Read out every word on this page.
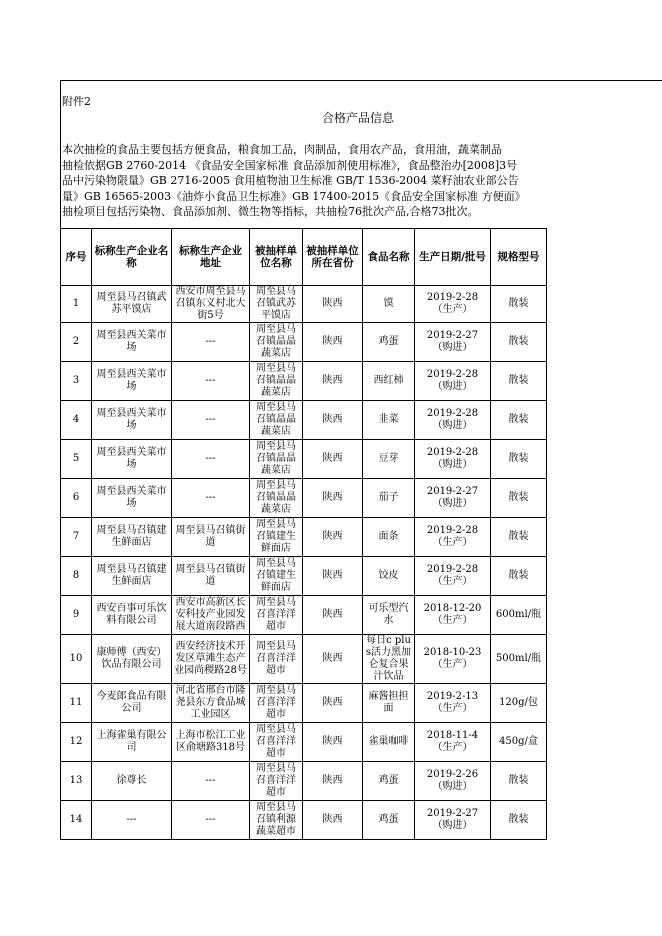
附件2
合格产品信息
本次抽检的食品主要包括方便食品，粮食加工品，肉制品，食用农产品，食用油，蔬菜制品
抽检依据GB 2760-2014 《食品安全国家标准 食品添加剂使用标准》，食品整治办[2008]3号
品中污染物限量》GB 2716-2005 食用植物油卫生标准 GB/T 1536-2004 菜籽油农业部公告
量》GB 16565-2003《油炸小食品卫生标准》GB 17400-2015《食品安全国家标准 方便面》
抽检项目包括污染物、食品添加剂、微生物等指标，共抽检76批次产品,合格73批次。
序号	标称生产企业名称	标称生产企业地址	被抽样单位名称	被抽样单位所在省份	食品名称	生产日期/批号	规格型号
1	周至县马召镇武苏平馍店	西安市周至县马召镇东义村北大街5号	周至县马召镇武苏平馍店	陕西	馍	2019-2-28（生产）	散装
2	周至县西关菜市场	---	周至县马召镇晶晶蔬菜店	陕西	鸡蛋	2019-2-27（购进）	散装
3	周至县西关菜市场	---	周至县马召镇晶晶蔬菜店	陕西	西红柿	2019-2-28（购进）	散装
4	周至县西关菜市场	---	周至县马召镇晶晶蔬菜店	陕西	韭菜	2019-2-28（购进）	散装
5	周至县西关菜市场	---	周至县马召镇晶晶蔬菜店	陕西	豆芽	2019-2-28（购进）	散装
6	周至县西关菜市场	---	周至县马召镇晶晶蔬菜店	陕西	茄子	2019-2-27（购进）	散装
7	周至县马召镇建生鲜面店	周至县马召镇街道	周至县马召镇建生鲜面店	陕西	面条	2019-2-28（生产）	散装
8	周至县马召镇建生鲜面店	周至县马召镇街道	周至县马召镇建生鲜面店	陕西	饺皮	2019-2-28（生产）	散装
9	西安百事可乐饮料有限公司	西安市高新区长安科技产业园发展大道南段路西	周至县马召喜洋洋超市	陕西	可乐型汽水	2018-12-20（生产）	600ml/瓶
10	康师傅（西安）饮品有限公司	西安经济技术开发区草滩生态产业园尚稷路28号	周至县马召喜洋洋超市	陕西	每日c plus活力黑加仑复合果汁饮品	2018-10-23（生产）	500ml/瓶
11	今麦郎食品有限公司	河北省邢台市隆尧县东方食品城工业园区	周至县马召喜洋洋超市	陕西	麻酱担担面	2019-2-13（生产）	120g/包
12	上海雀巢有限公司	上海市松江工业区俞塘路318号	周至县马召喜洋洋超市	陕西	雀巢咖啡	2018-11-4（生产）	450g/盒
13	徐尊长	---	周至县马召喜洋洋超市	陕西	鸡蛋	2019-2-26（购进）	散装
14	---	---	周至县马召镇利源蔬菜超市	陕西	鸡蛋	2019-2-27（购进）	散装
